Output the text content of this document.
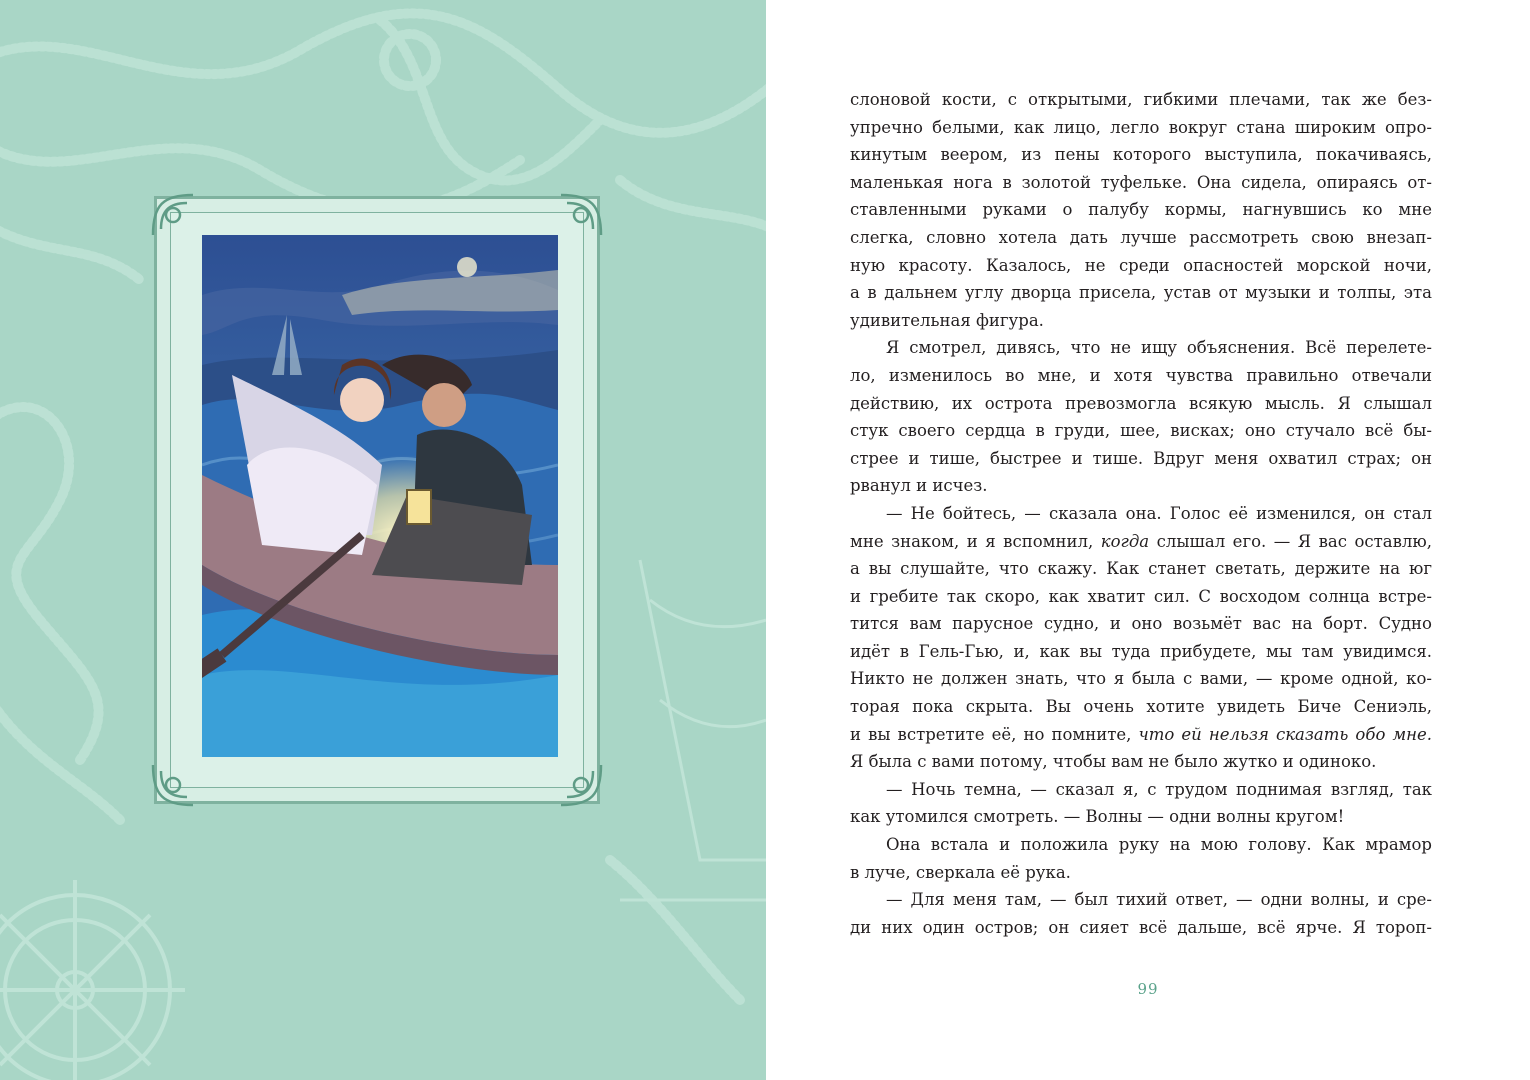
слоновой кости, с открытыми, гибкими плечами, так же без-
упречно белыми, как лицо, легло вокруг стана широким опро-
кинутым веером, из пены которого выступила, покачиваясь,
маленькая нога в золотой туфельке. Она сидела, опираясь от-
ставленными руками о палубу кормы, нагнувшись ко мне
слегка, словно хотела дать лучше рассмотреть свою внезап-
ную красоту. Казалось, не среди опасностей морской ночи,
а в дальнем углу дворца присела, устав от музыки и толпы, эта
удивительная фигура.
Я смотрел, дивясь, что не ищу объяснения. Всё перелете-
ло, изменилось во мне, и хотя чувства правильно отвечали
действию, их острота превозмогла всякую мысль. Я слышал
стук своего сердца в груди, шее, висках; оно стучало всё бы-
стрее и тише, быстрее и тише. Вдруг меня охватил страх; он
рванул и исчез.
— Не бойтесь, — сказала она. Голос её изменился, он стал
мне знаком, и я вспомнил, когда слышал его. — Я вас оставлю,
а вы слушайте, что скажу. Как станет светать, держите на юг
и гребите так скоро, как хватит сил. С восходом солнца встре-
тится вам парусное судно, и оно возьмёт вас на борт. Судно
идёт в Гель-Гью, и, как вы туда прибудете, мы там увидимся.
Никто не должен знать, что я была с вами, — кроме одной, ко-
торая пока скрыта. Вы очень хотите увидеть Биче Сениэль,
и вы встретите её, но помните, что ей нельзя сказать обо мне.
Я была с вами потому, чтобы вам не было жутко и одиноко.
— Ночь темна, — сказал я, с трудом поднимая взгляд, так
как утомился смотреть. — Волны — одни волны кругом!
Она встала и положила руку на мою голову. Как мрамор
в луче, сверкала её рука.
— Для меня там, — был тихий ответ, — одни волны, и сре-
ди них один остров; он сияет всё дальше, всё ярче. Я тороп-
99
